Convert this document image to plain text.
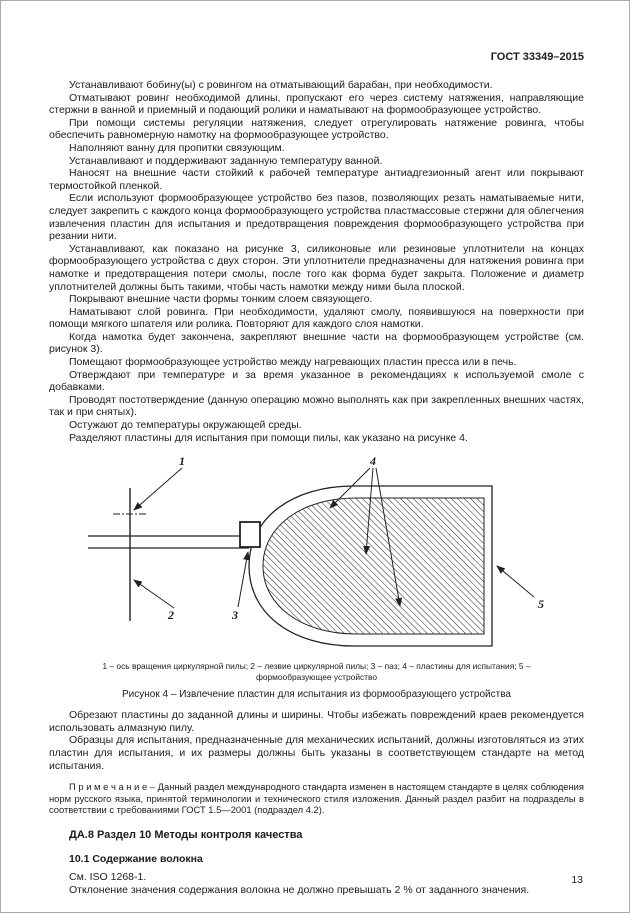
ГОСТ 33349–2015

Устанавливают бобину(ы) с ровингом на отматывающий барабан, при необходимости.

Отматывают ровинг необходимой длины, пропускают его через систему натяжения, направляющие стержни в ванной и приемный и подающий ролики и наматывают на формообразующее устройство.

При помощи системы регуляции натяжения, следует отрегулировать натяжение ровинга, чтобы обеспечить равномерную намотку на формообразующее устройство.

Наполняют ванну для пропитки связующим.

Устанавливают и поддерживают заданную температуру ванной.

Наносят на внешние части стойкий к рабочей температуре антиадгезионный агент или покрывают термостойкой пленкой.

Если используют формообразующее устройство без пазов, позволяющих резать наматываемые нити, следует закрепить с каждого конца формообразующего устройства пластмассовые стержни для облегчения извлечения пластин для испытания и предотвращения повреждения формообразующего устройства при резании нити.

Устанавливают, как показано на рисунке 3, силиконовые или резиновые уплотнители на концах формообразующего устройства с двух сторон. Эти уплотнители предназначены для натяжения ровинга при намотке и предотвращения потери смолы, после того как форма будет закрыта. Положение и диаметр уплотнителей должны быть такими, чтобы часть намотки между ними была плоской.

Покрывают внешние части формы тонким слоем связующего.

Наматывают слой ровинга. При необходимости, удаляют смолу, появившуюся на поверхности при помощи мягкого шпателя или ролика. Повторяют для каждого слоя намотки.

Когда намотка будет закончена, закрепляют внешние части на формообразующем устройстве (см. рисунок 3).

Помещают формообразующее устройство между нагревающих пластин пресса или в печь.

Отверждают при температуре и за время указанное в рекомендациях к используемой смоле с добавками.

Проводят постотверждение (данную операцию можно выполнять как при закрепленных внешних частях, так и при снятых).

Остужают до температуры окружающей среды.

Разделяют пластины для испытания при помощи пилы, как указано на рисунке 4.

1
2	3
4
5
1 – ось вращения циркулярной пилы; 2 – лезвие циркулярной пилы; 3 – паз; 4 – пластины для испытания; 5 – формообразующее устройство
Рисунок 4 – Извлечение пластин для испытания из формообразующего устройства

Обрезают пластины до заданной длины и ширины. Чтобы избежать повреждений краев рекомендуется использовать алмазную пилу.

Образцы для испытания, предназначенные для механических испытаний, должны изготовляться из этих пластин для испытания, и их размеры должны быть указаны в соответствующем стандарте на метод испытания.

П р и м е ч а н и е – Данный раздел международного стандарта изменен в настоящем стандарте в целях соблюдения норм русского языка, принятой терминологии и технического стиля изложения. Данный раздел разбит на подразделы в соответствии с требованиями ГОСТ 1.5—2001 (подраздел 4.2).
ДА.8 Раздел 10 Методы контроля качества
10.1 Содержание волокна

См. ISO 1268-1.

Отклонение значения содержания волокна не должно превышать 2 % от заданного значения.

13
